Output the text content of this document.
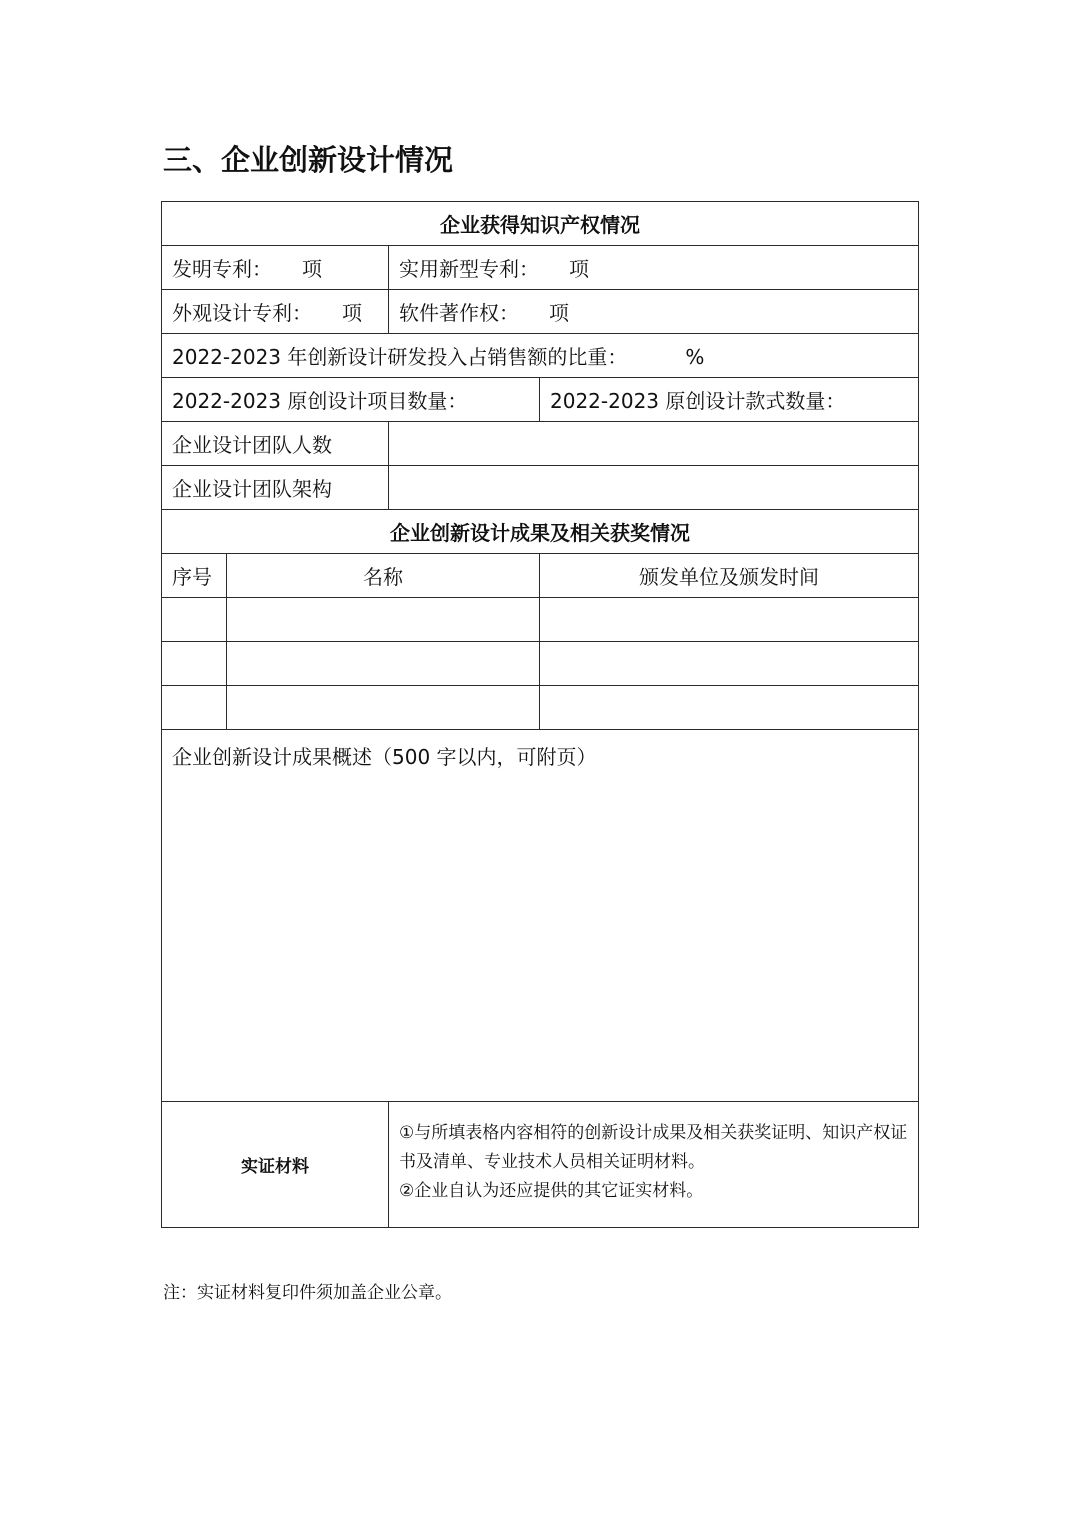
三、企业创新设计情况
企业获得知识产权情况			
发明专利： 项		实用新型专利： 项	
外观设计专利： 项		软件著作权： 项	
2022-2023 年创新设计研发投入占销售额的比重： %			
2022-2023 原创设计项目数量：			2022-2023 原创设计款式数量：
企业设计团队人数			
企业设计团队架构			
企业创新设计成果及相关获奖情况			
序号	名称		颁发单位及颁发时间

企业创新设计成果概述（500 字以内，可附页）			
实证材料		①与所填表格内容相符的创新设计成果及相关获奖证明、知识产权证书及清单、专业技术人员相关证明材料。
②企业自认为还应提供的其它证实材料。	

注：实证材料复印件须加盖企业公章。
